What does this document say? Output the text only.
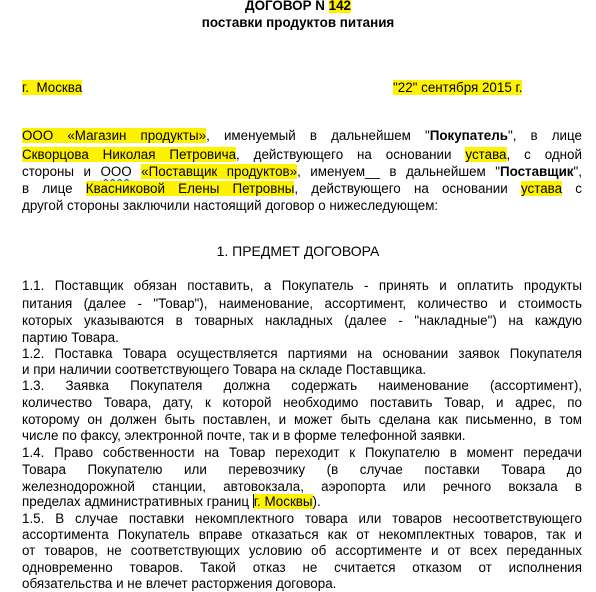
ДОГОВОР N 142
поставки продуктов питания
г. Москва	"22" сентября 2015 г.
ООО «Магазин продукты», именуемый в дальнейшем "Покупатель", в лице
Скворцова Николая Петровича, действующего на основании устава, с одной
стороны и ООО «Поставщик продуктов», именуем__ в дальнейшем "Поставщик",
в лице Квасниковой Елены Петровны, действующего на основании устава с
другой стороны заключили настоящий договор о нижеследующем:
1. ПРЕДМЕТ ДОГОВОРА
1.1. Поставщик обязан поставить, а Покупатель - принять и оплатить продукты
питания (далее - "Товар"), наименование, ассортимент, количество и стоимость
которых указываются в товарных накладных (далее - "накладные") на каждую
партию Товара.
1.2. Поставка Товара осуществляется партиями на основании заявок Покупателя
и при наличии соответствующего Товара на складе Поставщика.
1.3. Заявка Покупателя должна содержать наименование (ассортимент),
количество Товара, дату, к которой необходимо поставить Товар, и адрес, по
которому он должен быть поставлен, и может быть сделана как письменно, в том
числе по факсу, электронной почте, так и в форме телефонной заявки.
1.4. Право собственности на Товар переходит к Покупателю в момент передачи
Товара Покупателю или перевозчику (в случае поставки Товара до
железнодорожной станции, автовокзала, аэропорта или речного вокзала в
пределах административных границ г. Москвы).
1.5. В случае поставки некомплектного товара или товаров несоответствующего
ассортимента Покупатель вправе отказаться как от некомплектных товаров, так и
от товаров, не соответствующих условию об ассортименте и от всех переданных
одновременно товаров. Такой отказ не считается отказом от исполнения
обязательства и не влечет расторжения договора.
